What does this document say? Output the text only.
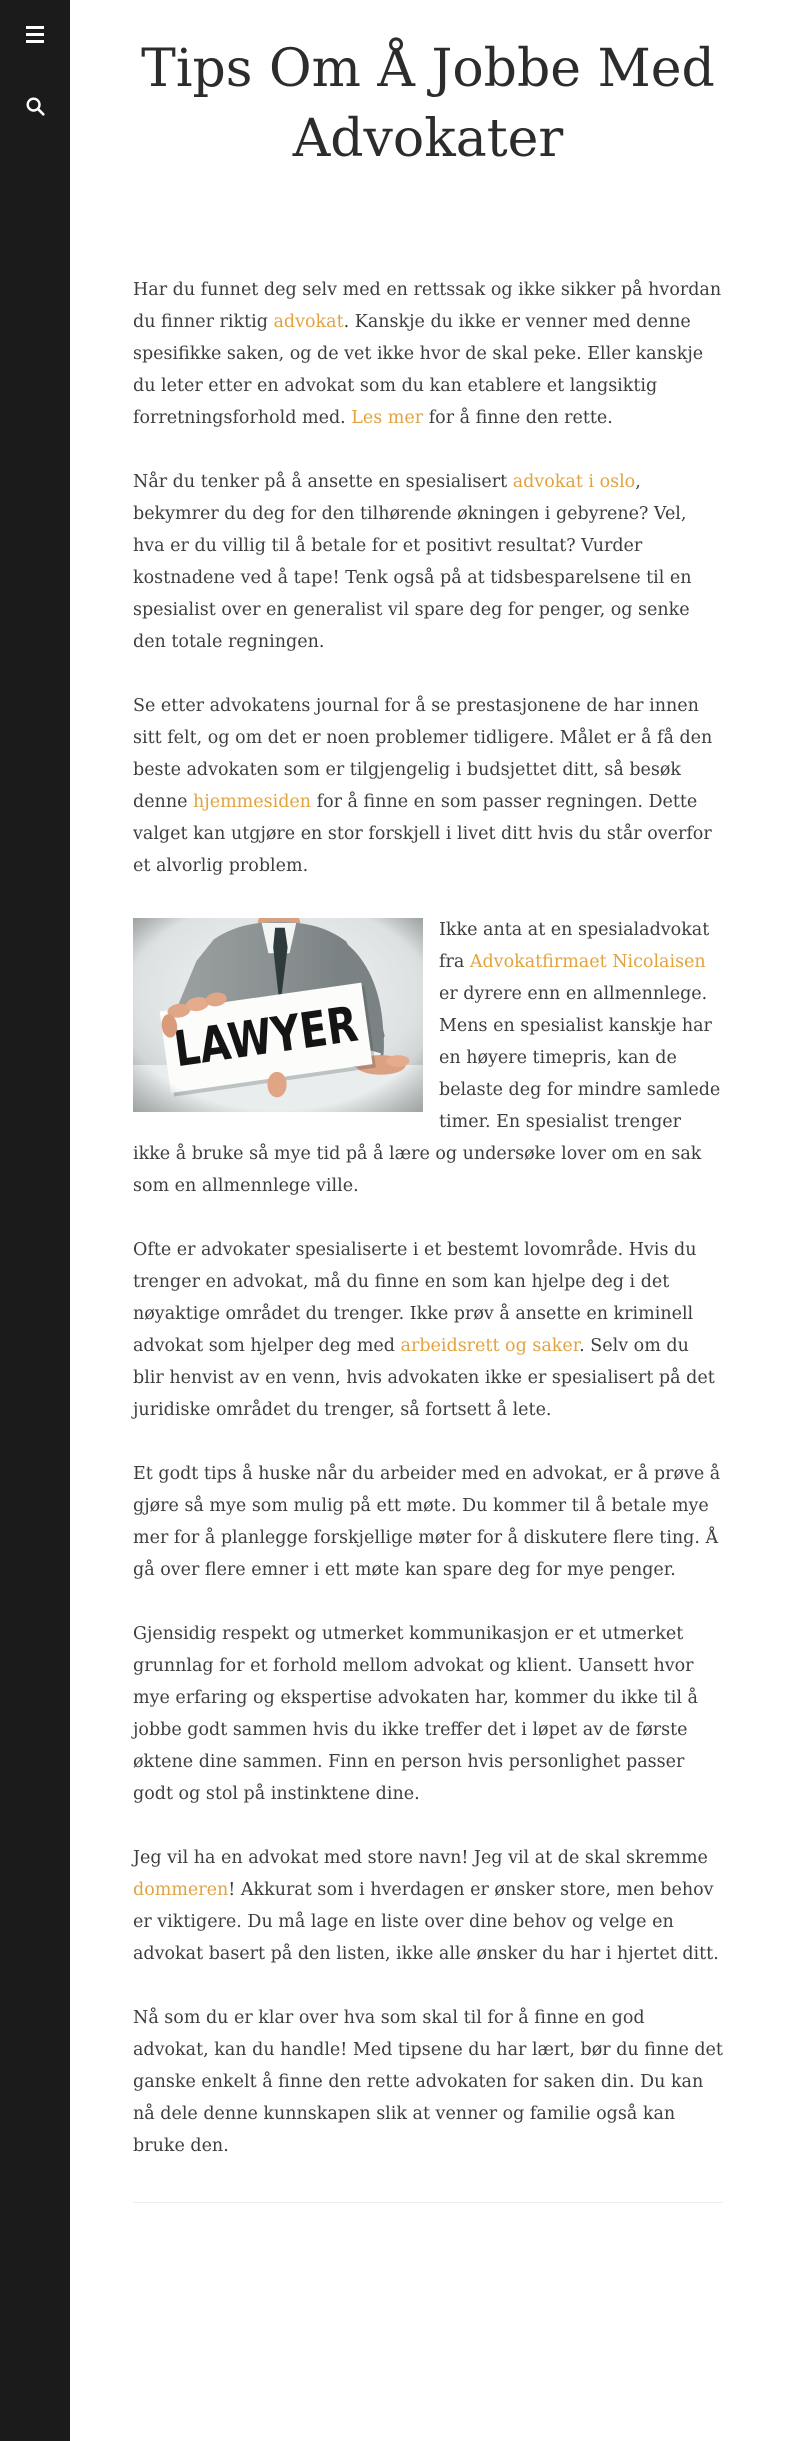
Tips Om Å Jobbe Med Advokater

Har du funnet deg selv med en rettssak og ikke sikker på hvordan du finner riktig advokat. Kanskje du ikke er venner med denne spesifikke saken, og de vet ikke hvor de skal peke. Eller kanskje du leter etter en advokat som du kan etablere et langsiktig forretningsforhold med. Les mer for å finne den rette.

Når du tenker på å ansette en spesialisert advokat i oslo, bekymrer du deg for den tilhørende økningen i gebyrene? Vel, hva er du villig til å betale for et positivt resultat? Vurder kostnadene ved å tape! Tenk også på at tidsbesparelsene til en spesialist over en generalist vil spare deg for penger, og senke den totale regningen.

Se etter advokatens journal for å se prestasjonene de har innen sitt felt, og om det er noen problemer tidligere. Målet er å få den beste advokaten som er tilgjengelig i budsjettet ditt, så besøk denne hjemmesiden for å finne en som passer regningen. Dette valget kan utgjøre en stor forskjell i livet ditt hvis du står overfor et alvorlig problem.

Ikke anta at en spesialadvokat fra Advokatfirmaet Nicolaisen er dyrere enn en allmennlege. Mens en spesialist kanskje har en høyere timepris, kan de belaste deg for mindre samlede timer. En spesialist trenger ikke å bruke så mye tid på å lære og undersøke lover om en sak som en allmennlege ville.

Ofte er advokater spesialiserte i et bestemt lovområde. Hvis du trenger en advokat, må du finne en som kan hjelpe deg i det nøyaktige området du trenger. Ikke prøv å ansette en kriminell advokat som hjelper deg med arbeidsrett og saker. Selv om du blir henvist av en venn, hvis advokaten ikke er spesialisert på det juridiske området du trenger, så fortsett å lete.

Et godt tips å huske når du arbeider med en advokat, er å prøve å gjøre så mye som mulig på ett møte. Du kommer til å betale mye mer for å planlegge forskjellige møter for å diskutere flere ting. Å gå over flere emner i ett møte kan spare deg for mye penger.

Gjensidig respekt og utmerket kommunikasjon er et utmerket grunnlag for et forhold mellom advokat og klient. Uansett hvor mye erfaring og ekspertise advokaten har, kommer du ikke til å jobbe godt sammen hvis du ikke treffer det i løpet av de første øktene dine sammen. Finn en person hvis personlighet passer godt og stol på instinktene dine.

Jeg vil ha en advokat med store navn! Jeg vil at de skal skremme dommeren! Akkurat som i hverdagen er ønsker store, men behov er viktigere. Du må lage en liste over dine behov og velge en advokat basert på den listen, ikke alle ønsker du har i hjertet ditt.

Nå som du er klar over hva som skal til for å finne en god advokat, kan du handle! Med tipsene du har lært, bør du finne det ganske enkelt å finne den rette advokaten for saken din. Du kan nå dele denne kunnskapen slik at venner og familie også kan bruke den.
